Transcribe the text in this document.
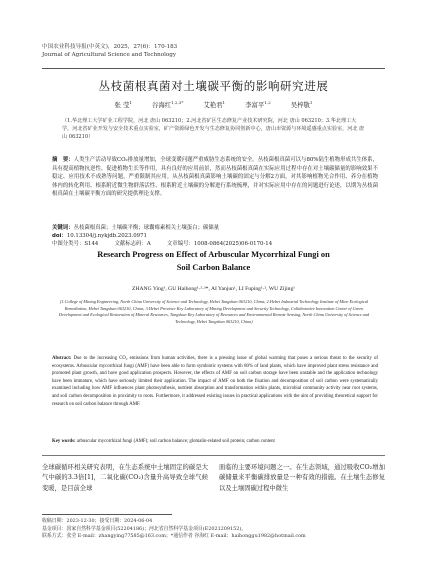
中国农业科技导报(中英文)，2025，27(6)：170-183
Journal of Agricultural Science and Technology
丛枝菌根真菌对土壤碳平衡的影响研究进展
张 莹$^1$	谷海红$^{1,2,3*}$	艾艳君$^1$	李富平$^{1,2}$	吴梓敬$^1$
（1.华北理工大学矿业工程学院，河北 唐山 063210；2.河北省矿区生态修复产业技术研究院，河北 唐山 063210；3.华北理工大学，河北省矿业开发与安全技术重点实验室，矿产资源绿色开发与生态修复协同创新中心，唐山市资源与环境遥感重点实验室，河北 唐山 063210）
摘　要：人类生产活动导致CO₂排放量增加，全球变暖问题严重威胁生态系统的安全。丛枝菌根真菌可以与80%陆生植物形成共生体系，具有提高植物抗逆性、促进植物生长等作用，具有良好的应用前景，然而丛枝菌根真菌在实际应用过程中存在对土壤碳储量的影响效果不稳定、应用技术不成熟等问题，严重限制其应用。从丛枝菌根真菌影响土壤碳的固定与分解2方面，对其影响植物光合作用、养分在植物体内的转化利用、根系附近微生物群落活性、根系附近土壤碳的分解进行系统梳理，并对实际应用中存在的问题进行论述，以期为丛枝菌根真菌在土壤碳平衡方面的研究提供理论支撑。
关键词：丛枝菌根真菌；土壤碳平衡；球囊霉素相关土壤蛋白；碳储量
doi：10.13304/j.nykjdb.2023.0971
中图分类号：S144　　　文献标志码：A　　　文章编号：1008-0864(2025)06-0170-14
Research Progress on Effect of Arbuscular Mycorrhizal Fungi on
Soil Carbon Balance
ZHANG Ying¹, GU Haihong¹·²·³*, AI Yanjun¹, LI Fuping¹·², WU Zijing¹
(1.College of Mining Engineering, North China University of Science and Technology, Hebei Tangshan 063210, China; 2.Hebei Industrial Technology Institute of Mine Ecological Remediation, Hebei Tangshan 063210, China; 3.Hebei Province Key Laboratory of Mining Development and Security Technology, Collaborative Innovation Center of Green Development and Ecological Restoration of Mineral Resources, Tangshan Key Laboratory of Resources and Environmental Remote Sensing, North China University of Science and Technology, Hebei Tangshan 063210, China)
Abstract: Due to the increasing CO₂ emissions from human activities, there is a pressing issue of global warming that poses a serious threat to the security of ecosystems. Arbuscular mycorrhizal fungi (AMF) have been able to form symbiotic systems with 80% of land plants, which have improved plant stress resistance and promoted plant growth, and have good application prospects. However, the effects of AMF on soil carbon storage have been unstable and the application technology have been immature, which have seriously limited their application. The impact of AMF on both the fixation and decomposition of soil carbon were systematically examined including how AMF influences plant photosynthesis, nutrient absorption and transformation within plants, microbial community activity near root systems, and soil carbon decomposition in proximity to roots. Furthermore, it addressed existing issues in practical applications with the aim of providing theoretical support for research on soil carbon balance through AMF.
Key words: arbuscular mycorrhizal fungi (AMF); soil carbon balance; glomalin-related soil protein; carbon content
全球碳循环相关研究表明，在生态系统中土壤固定的碳是大气中碳的3.3倍[1]，二氧化碳(CO₂)含量升高导致全球气候变暖，是目前全球
面临的主要环境问题之一。在生态领域，通过吸收CO₂增加碳储量来平衡碳排放量是一种有效的措施。在土壤生态修复以及土壤固碳过程中微生
收稿日期：2023-12-30；接受日期：2024-06-04
基金项目：国家自然科学基金项目(52204186)；河北省自然科学基金项目(E2021209152)。
联系方式：张莹 E-mail：zhangying77585@163.com；*通信作者 谷海红 E-mail：haihonggu1982@hotmail.com
